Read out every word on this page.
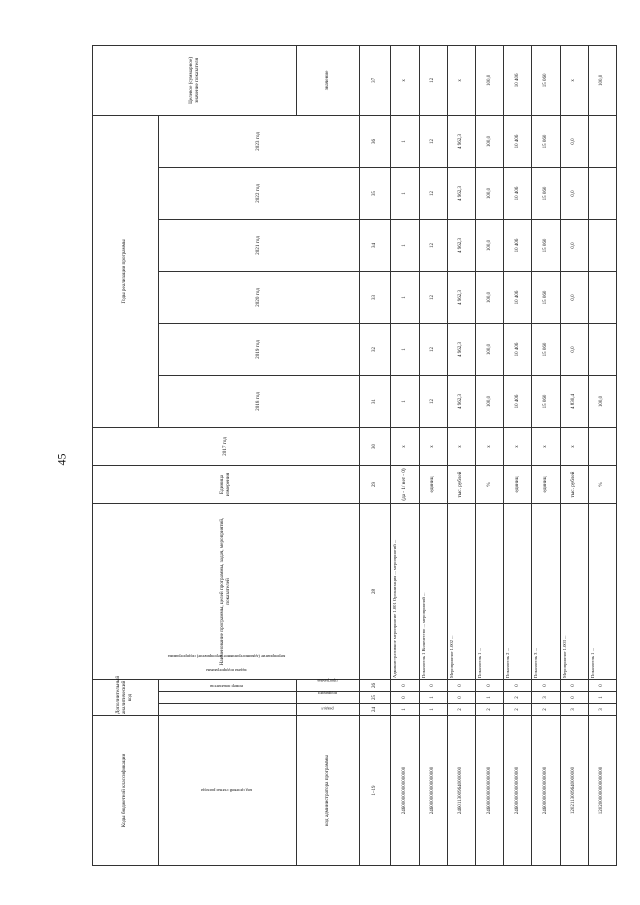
45
Коды бюджетной классификации	Дополнительный аналитический код			Наименование программы, целей программы, задач, мероприятий, показателей	Единица измерения	2017 год	Годы реализации программы						Целевое (суммарное) значение показателя
код целевой статьи расхода	мероприятие (административное мероприятие) подпрограммы	номер показателя	задача подпрограммы				2018 год	2019 год	2020 год	2021 год	2022 год	2023 год	
код администратора программы	раздел	подраздел	программа										значение
1–19	24	25	26	28	29	30	31	32	33	34	35	36	37
2460000000000000000	1	0	0	Административное мероприятие 1.001 Организация ... мероприятий ...	(да - 1/ нет - 0)	x	1	1	1	1	1	1	x
2460000000000000000	1	1	0	Показатель 1 Количество ... мероприятий ...	единиц	x	12	12	12	12	12	12	12
2460113009640000000	2	0	0	Мероприятие 1.002 ...	тыс. рублей	x	4 962,3	4 962,3	4 962,3	4 962,3	4 962,3	4 962,3	x
2460000000000000000	2	1	0	Показатель 1 ...	%	x	100,0	100,0	100,0	100,0	100,0	100,0	100,0
2460000000000000000	2	2	0	Показатель 2 ...	единиц	x	10 406	10 406	10 406	10 406	10 406	10 406	10 406
2460000000000000000	2	3	0	Показатель 3 ...	единиц	x	15 060	15 060	15 060	15 060	15 060	15 060	15 060
1202113009640000000	3	0	0	Мероприятие 1.003 ...	тыс. рублей	x	4 830,4	0,0	0,0	0,0	0,0	0,0	x
1202000000000000000	3	1	0	Показатель 1 ...	%		100,0						100,0
